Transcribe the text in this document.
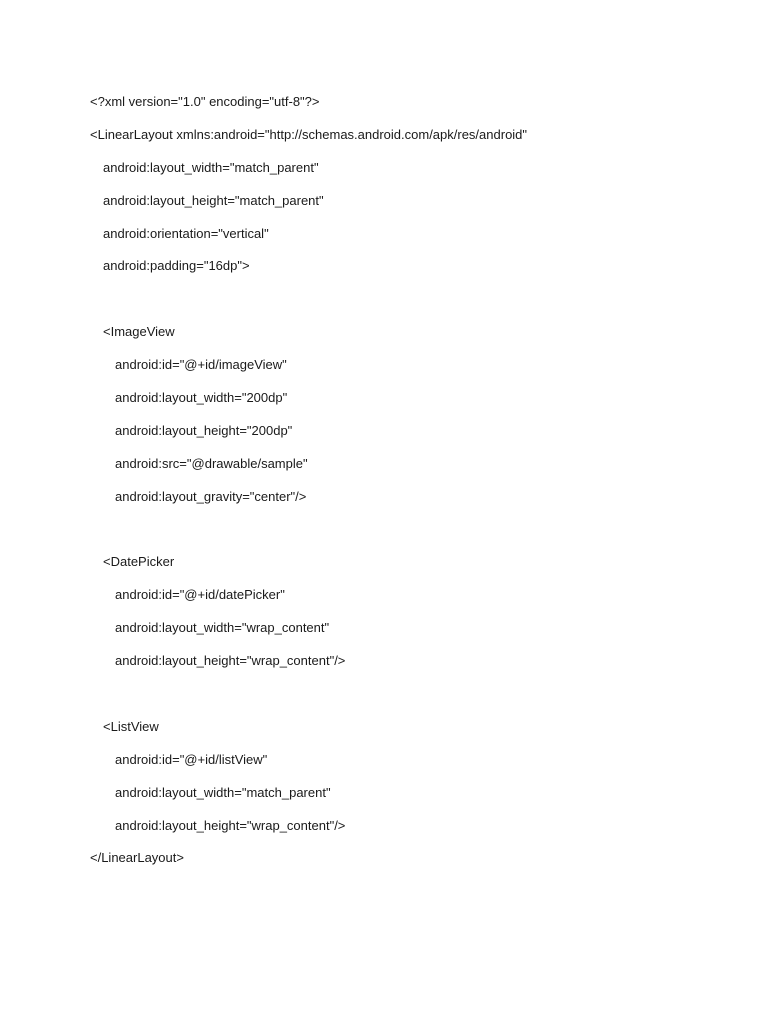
<?xml version="1.0" encoding="utf-8"?>
<LinearLayout xmlns:android="http://schemas.android.com/apk/res/android"
android:layout_width="match_parent"
android:layout_height="match_parent"
android:orientation="vertical"
android:padding="16dp">
<ImageView
android:id="@+id/imageView"
android:layout_width="200dp"
android:layout_height="200dp"
android:src="@drawable/sample"
android:layout_gravity="center"/>
<DatePicker
android:id="@+id/datePicker"
android:layout_width="wrap_content"
android:layout_height="wrap_content"/>
<ListView
android:id="@+id/listView"
android:layout_width="match_parent"
android:layout_height="wrap_content"/>
</LinearLayout>
